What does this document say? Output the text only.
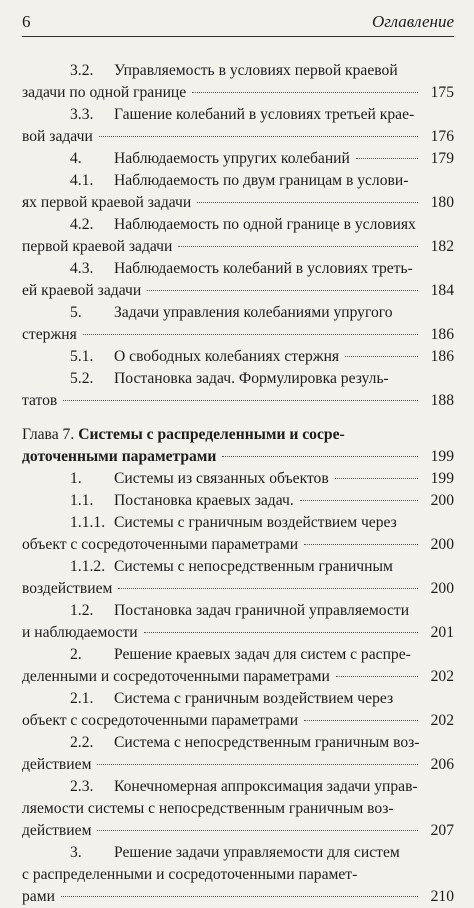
6	Оглавление
3.2. Управляемость в условиях первой краевой
задачи по одной границе	175
3.3. Гашение колебаний в условиях третьей крае-
вой задачи	176
4.	Наблюдаемость упругих колебаний	179
4.1. Наблюдаемость по двум границам в услови-
ях первой краевой задачи	180
4.2. Наблюдаемость по одной границе в условиях
первой краевой задачи	182
4.3. Наблюдаемость колебаний в условиях треть-
ей краевой задачи	184
5. Задачи управления колебаниями упругого
стержня	186
5.1.	О свободных колебаниях стержня	186
5.2. Постановка задач. Формулировка резуль-
татов	188
Глава 7.Системы с распределенными и сосре-
доточенными параметрами	199
1.	Системы из связанных объектов	199
1.1.	Постановка краевых задач.	200
1.1.1. Системы с граничным воздействием через
объект с сосредоточенными параметрами	200
1.1.2. Системы с непосредственным граничным
воздействием	200
1.2. Постановка задач граничной управляемости
и наблюдаемости	201
2. Решение краевых задач для систем с распре-
деленными и сосредоточенными параметрами	202
2.1. Система с граничным воздействием через
объект с сосредоточенными параметрами	202
2.2. Система с непосредственным граничным воз-
действием	206
2.3. Конечномерная аппроксимация задачи управ-
ляемости системы с непосредственным граничным воз-
действием	207
3. Решение задачи управляемости для систем
с распределенными и сосредоточенными парамет-
рами	210
